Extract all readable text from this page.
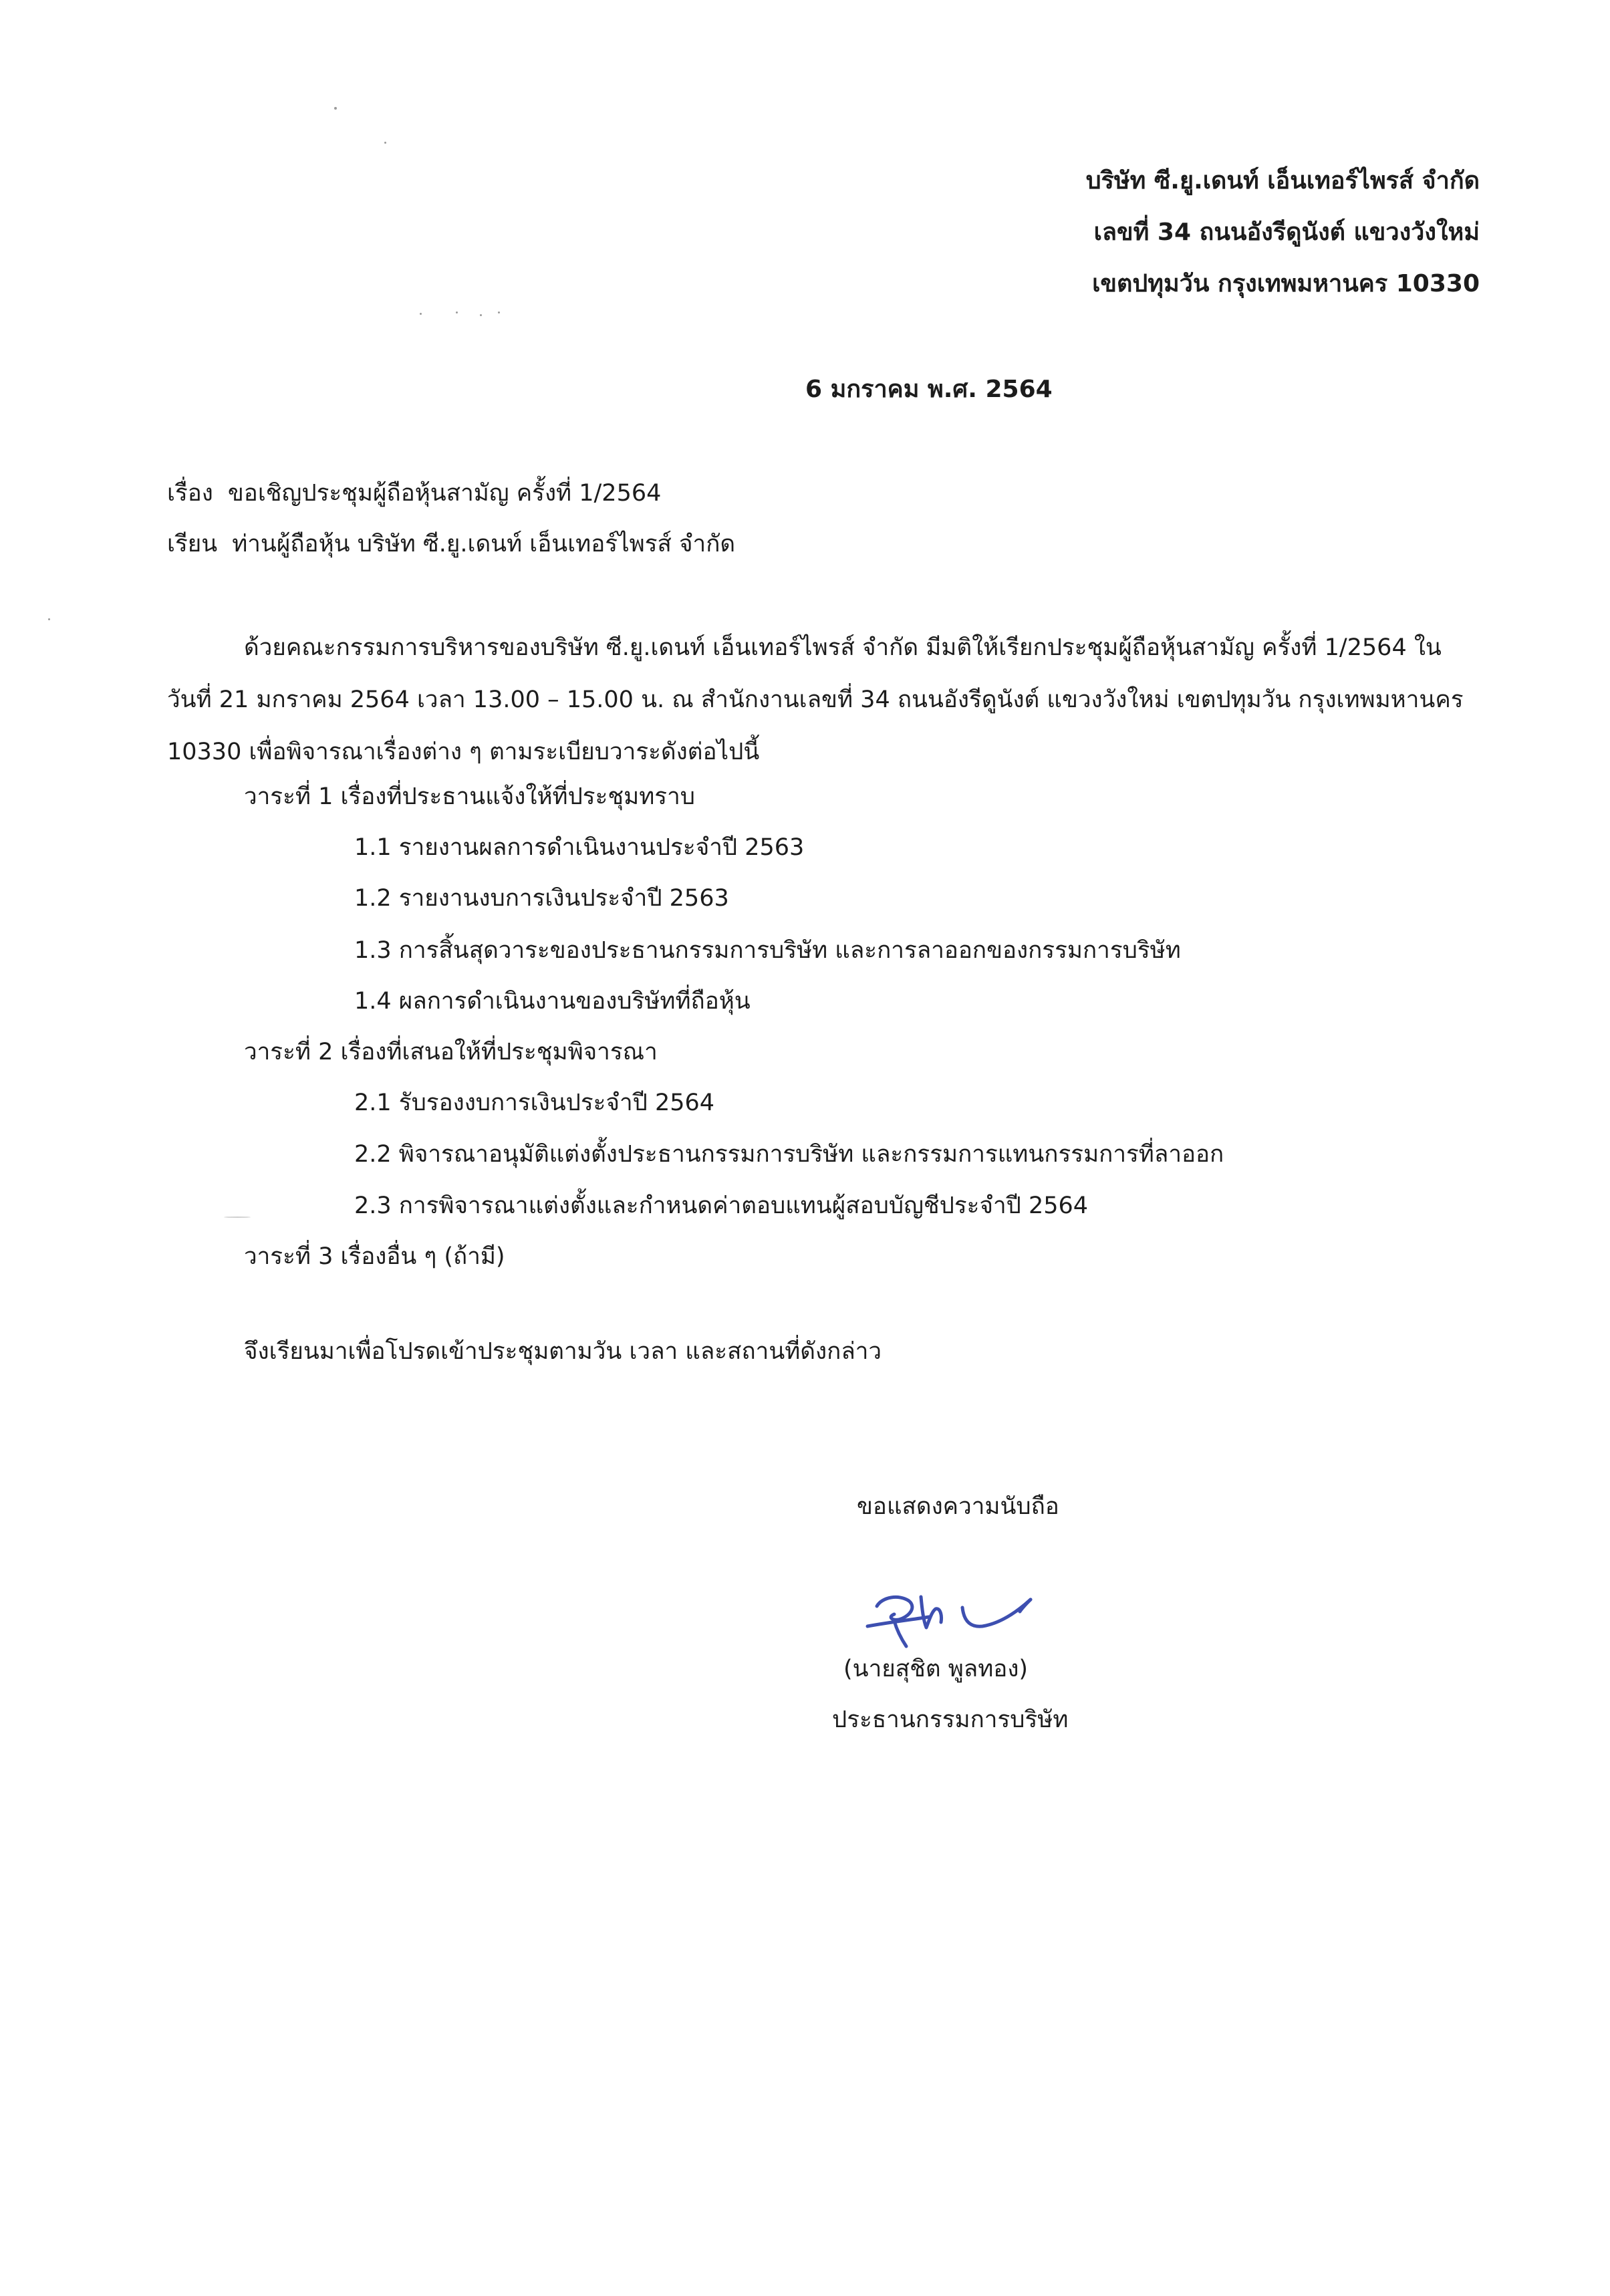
บริษัท ซี.ยู.เดนท์ เอ็นเทอร์ไพรส์ จำกัด
เลขที่ 34 ถนนอังรีดูนังต์ แขวงวังใหม่
เขตปทุมวัน กรุงเทพมหานคร 10330
6 มกราคม พ.ศ. 2564
เรื่อง ขอเชิญประชุมผู้ถือหุ้นสามัญ ครั้งที่ 1/2564
เรียน ท่านผู้ถือหุ้น บริษัท ซี.ยู.เดนท์ เอ็นเทอร์ไพรส์ จำกัด
ด้วยคณะกรรมการบริหารของบริษัท ซี.ยู.เดนท์ เอ็นเทอร์ไพรส์ จำกัด มีมติให้เรียกประชุมผู้ถือหุ้นสามัญ ครั้งที่ 1/2564 ใน
วันที่ 21 มกราคม 2564 เวลา 13.00 – 15.00 น. ณ สำนักงานเลขที่ 34 ถนนอังรีดูนังต์ แขวงวังใหม่ เขตปทุมวัน กรุงเทพมหานคร
10330 เพื่อพิจารณาเรื่องต่าง ๆ ตามระเบียบวาระดังต่อไปนี้
วาระที่ 1 เรื่องที่ประธานแจ้งให้ที่ประชุมทราบ
1.1 รายงานผลการดำเนินงานประจำปี 2563
1.2 รายงานงบการเงินประจำปี 2563
1.3 การสิ้นสุดวาระของประธานกรรมการบริษัท และการลาออกของกรรมการบริษัท
1.4 ผลการดำเนินงานของบริษัทที่ถือหุ้น
วาระที่ 2 เรื่องที่เสนอให้ที่ประชุมพิจารณา
2.1 รับรองงบการเงินประจำปี 2564
2.2 พิจารณาอนุมัติแต่งตั้งประธานกรรมการบริษัท และกรรมการแทนกรรมการที่ลาออก
2.3 การพิจารณาแต่งตั้งและกำหนดค่าตอบแทนผู้สอบบัญชีประจำปี 2564
วาระที่ 3 เรื่องอื่น ๆ (ถ้ามี)
จึงเรียนมาเพื่อโปรดเข้าประชุมตามวัน เวลา และสถานที่ดังกล่าว
ขอแสดงความนับถือ
(นายสุชิต พูลทอง)
ประธานกรรมการบริษัท
